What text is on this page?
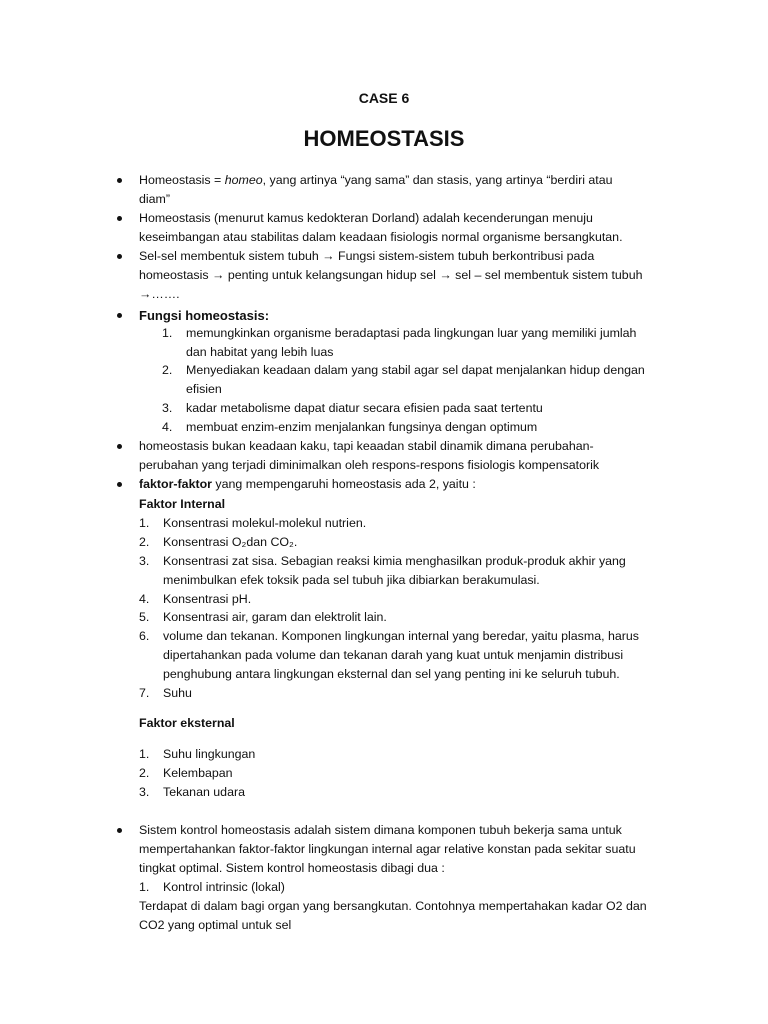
CASE 6
HOMEOSTASIS
Homeostasis = homeo, yang artinya “yang sama” dan stasis, yang artinya “berdiri atau
diam”
Homeostasis (menurut kamus kedokteran Dorland) adalah kecenderungan menuju
keseimbangan atau stabilitas dalam keadaan fisiologis normal organisme bersangkutan.
Sel-sel membentuk sistem tubuh → Fungsi sistem-sistem tubuh berkontribusi pada
homeostasis → penting untuk kelangsungan hidup sel → sel – sel membentuk sistem tubuh
→…….
Fungsi homeostasis:
1. memungkinkan organisme beradaptasi pada lingkungan luar yang memiliki jumlah
dan habitat yang lebih luas
2. Menyediakan keadaan dalam yang stabil agar sel dapat menjalankan hidup dengan
efisien
3. kadar metabolisme dapat diatur secara efisien pada saat tertentu
4. membuat enzim-enzim menjalankan fungsinya dengan optimum
homeostasis bukan keadaan kaku, tapi keaadan stabil dinamik dimana perubahan-
perubahan yang terjadi diminimalkan oleh respons-respons fisiologis kompensatorik
faktor-faktor yang mempengaruhi homeostasis ada 2, yaitu :
Faktor Internal
1. Konsentrasi molekul-molekul nutrien.
2. Konsentrasi O₂dan CO₂.
3. Konsentrasi zat sisa. Sebagian reaksi kimia menghasilkan produk-produk akhir yang
menimbulkan efek toksik pada sel tubuh jika dibiarkan berakumulasi.
4. Konsentrasi pH.
5. Konsentrasi air, garam dan elektrolit lain.
6. volume dan tekanan. Komponen lingkungan internal yang beredar, yaitu plasma, harus
dipertahankan pada volume dan tekanan darah yang kuat untuk menjamin distribusi
penghubung antara lingkungan eksternal dan sel yang penting ini ke seluruh tubuh.
7. Suhu
Faktor eksternal
1. Suhu lingkungan
2. Kelembapan
3. Tekanan udara
Sistem kontrol homeostasis adalah sistem dimana komponen tubuh bekerja sama untuk
mempertahankan faktor-faktor lingkungan internal agar relative konstan pada sekitar suatu
tingkat optimal. Sistem kontrol homeostasis dibagi dua :
1. Kontrol intrinsic (lokal)
Terdapat di dalam bagi organ yang bersangkutan. Contohnya mempertahakan kadar O2 dan
CO2 yang optimal untuk sel
